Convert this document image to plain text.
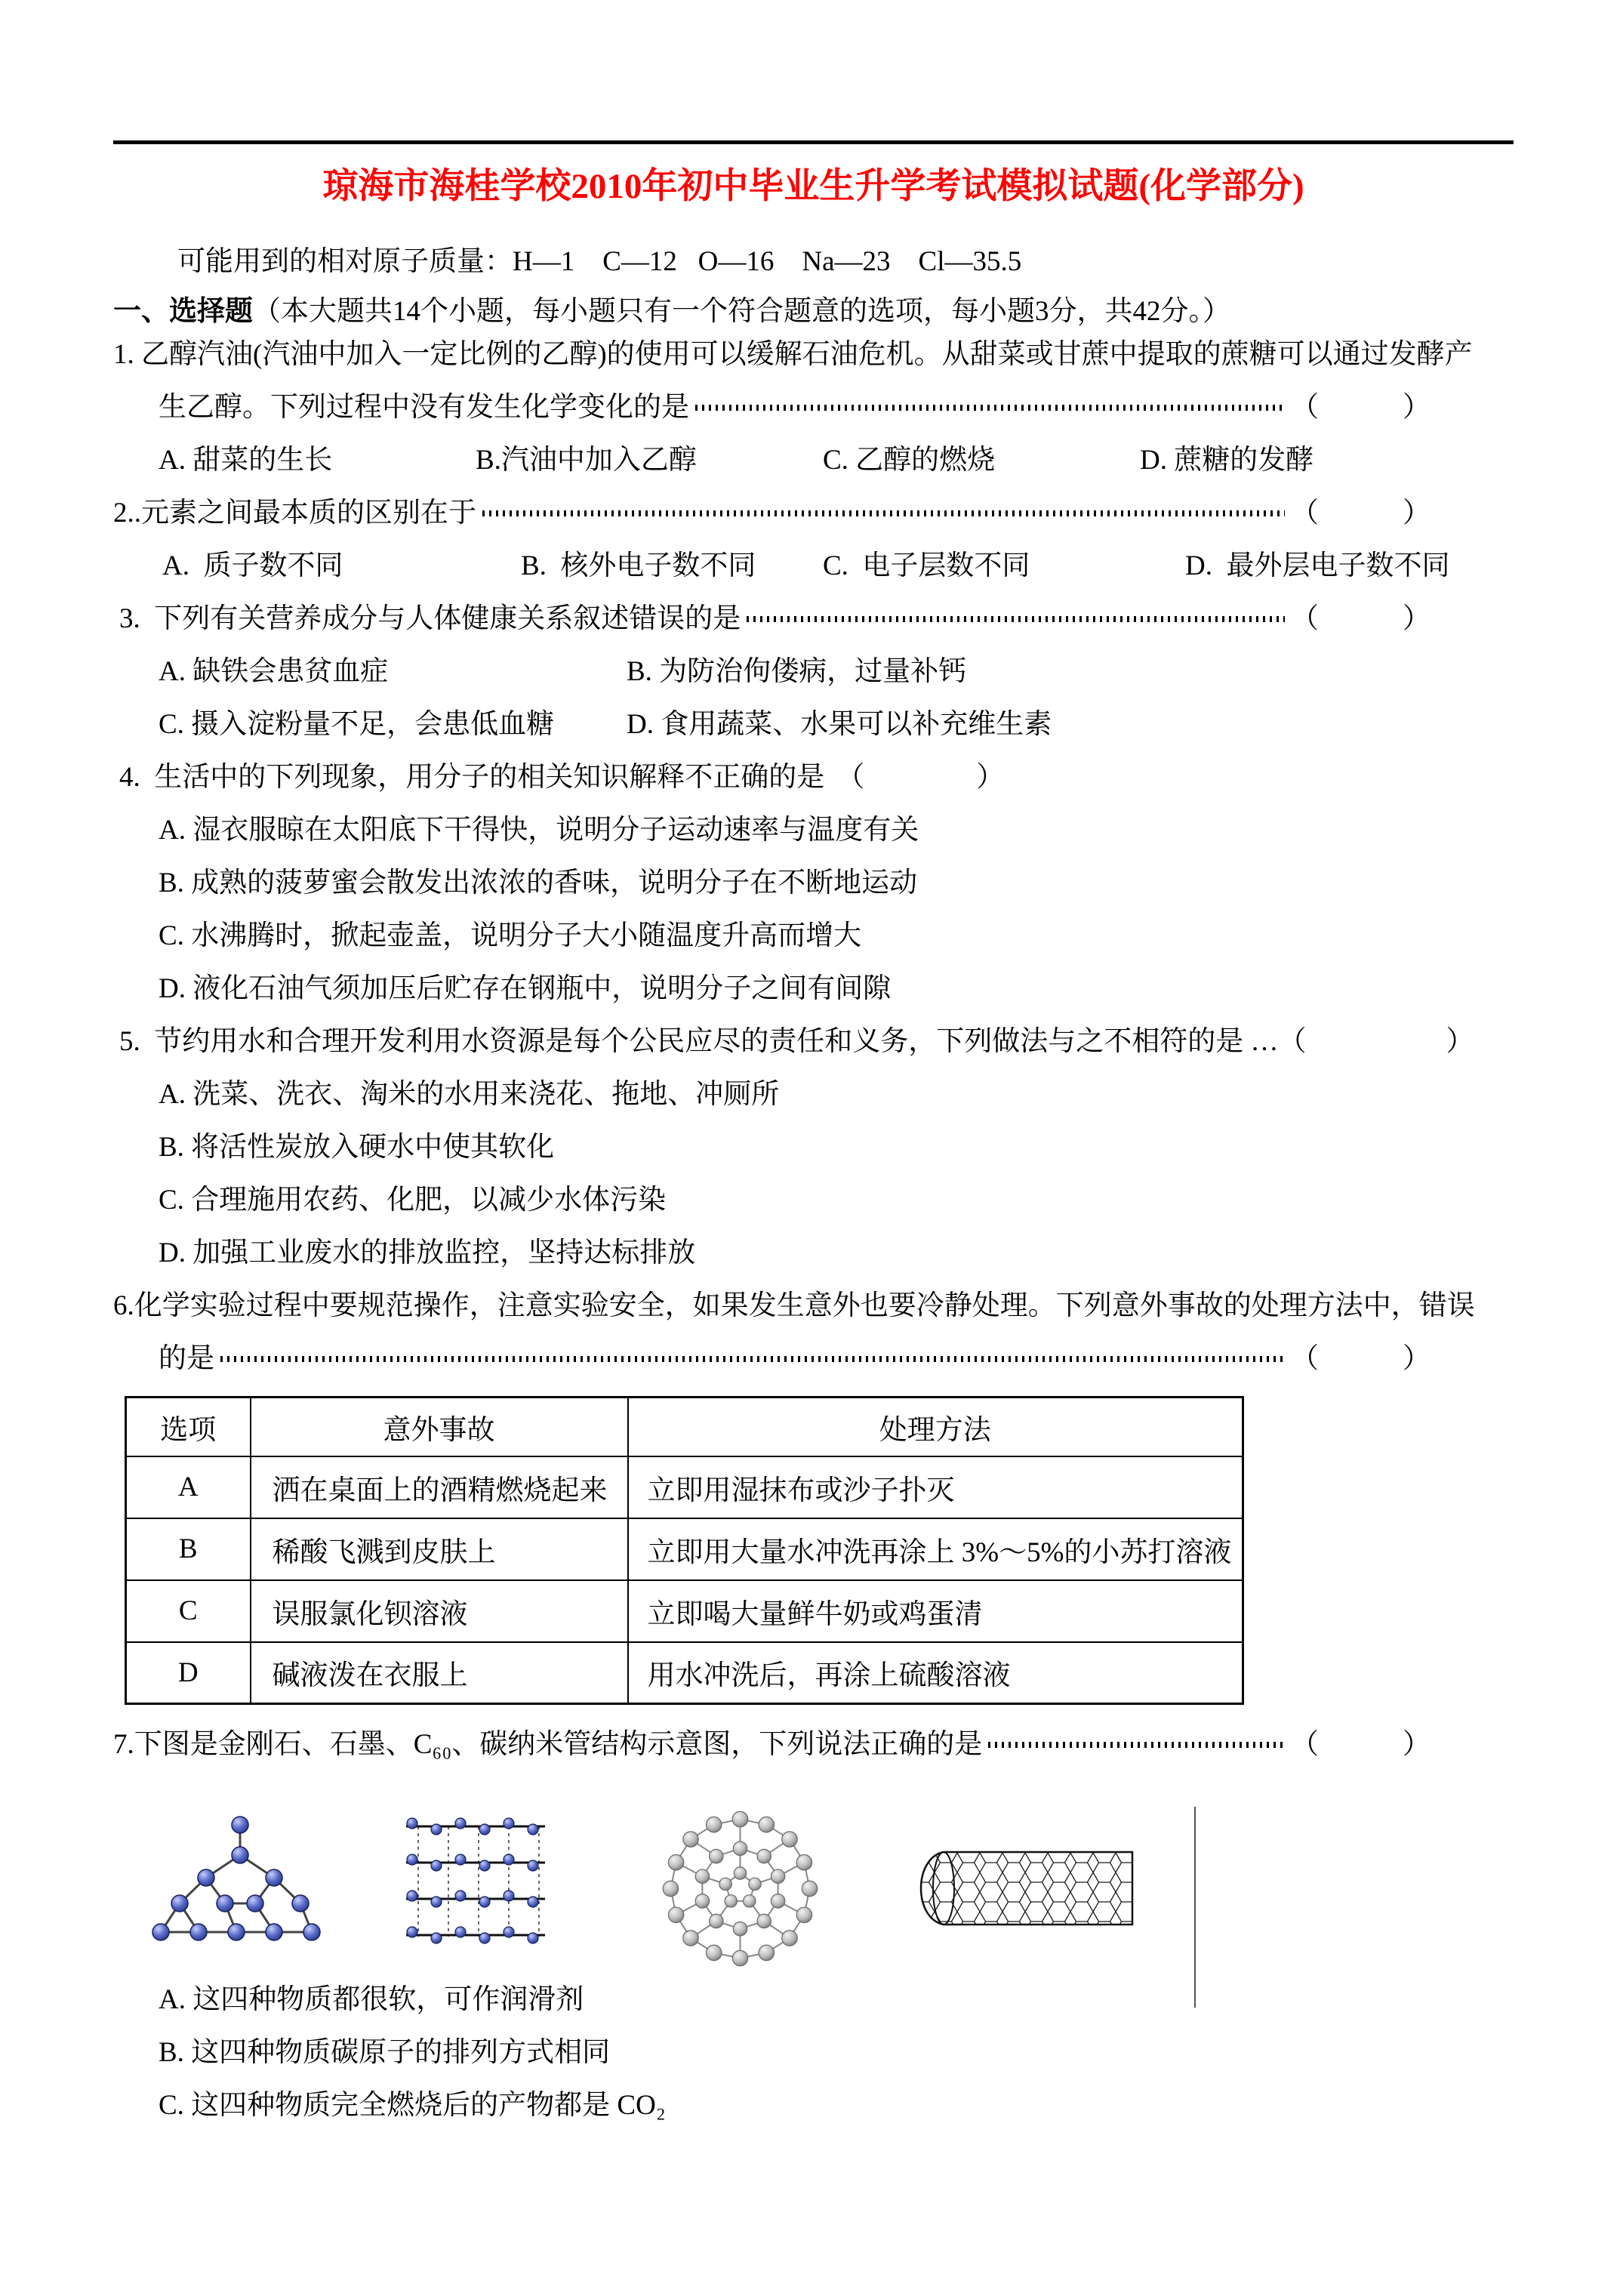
琼海市海桂学校2010年初中毕业生升学考试模拟试题(化学部分)
可能用到的相对原子质量：H—1    C—12   O—16    Na—23    Cl—35.5
一、选择题（本大题共14个小题，每小题只有一个符合题意的选项，每小题3分，共42分。）
1. 乙醇汽油(汽油中加入一定比例的乙醇)的使用可以缓解石油危机。从甜菜或甘蔗中提取的蔗糖可以通过发酵产
生乙醇。下列过程中没有发生化学变化的是	（　　　）
A. 甜菜的生长	B.汽油中加入乙醇	C. 乙醇的燃烧	D. 蔗糖的发酵
2..元素之间最本质的区别在于	（　　　）
A.  质子数不同	B.  核外电子数不同	C.  电子层数不同	D.  最外层电子数不同
3.  下列有关营养成分与人体健康关系叙述错误的是	（　　　）
A. 缺铁会患贫血症	B. 为防治佝偻病，过量补钙
C. 摄入淀粉量不足，会患低血糖	D. 食用蔬菜、水果可以补充维生素
4.  生活中的下列现象，用分子的相关知识解释不正确的是 （　　　　）
A. 湿衣服晾在太阳底下干得快，说明分子运动速率与温度有关
B. 成熟的菠萝蜜会散发出浓浓的香味，说明分子在不断地运动
C. 水沸腾时，掀起壶盖，说明分子大小随温度升高而增大
D. 液化石油气须加压后贮存在钢瓶中，说明分子之间有间隙
5.  节约用水和合理开发利用水资源是每个公民应尽的责任和义务，下列做法与之不相符的是 … （　　　　　）
A. 洗菜、洗衣、淘米的水用来浇花、拖地、冲厕所
B. 将活性炭放入硬水中使其软化
C. 合理施用农药、化肥，以减少水体污染
D. 加强工业废水的排放监控，坚持达标排放
6.化学实验过程中要规范操作，注意实验安全，如果发生意外也要冷静处理。下列意外事故的处理方法中，错误
的是	（　　　）
选项	意外事故	处理方法
A	洒在桌面上的酒精燃烧起来	立即用湿抹布或沙子扑灭
B	稀酸飞溅到皮肤上	立即用大量水冲洗再涂上 3%～5%的小苏打溶液
C	误服氯化钡溶液	立即喝大量鲜牛奶或鸡蛋清
D	碱液泼在衣服上	用水冲洗后，再涂上硫酸溶液
7.下图是金刚石、石墨、C₆₀、碳纳米管结构示意图，下列说法正确的是	（　　　）
A. 这四种物质都很软，可作润滑剂
B. 这四种物质碳原子的排列方式相同
C. 这四种物质完全燃烧后的产物都是 CO₂
